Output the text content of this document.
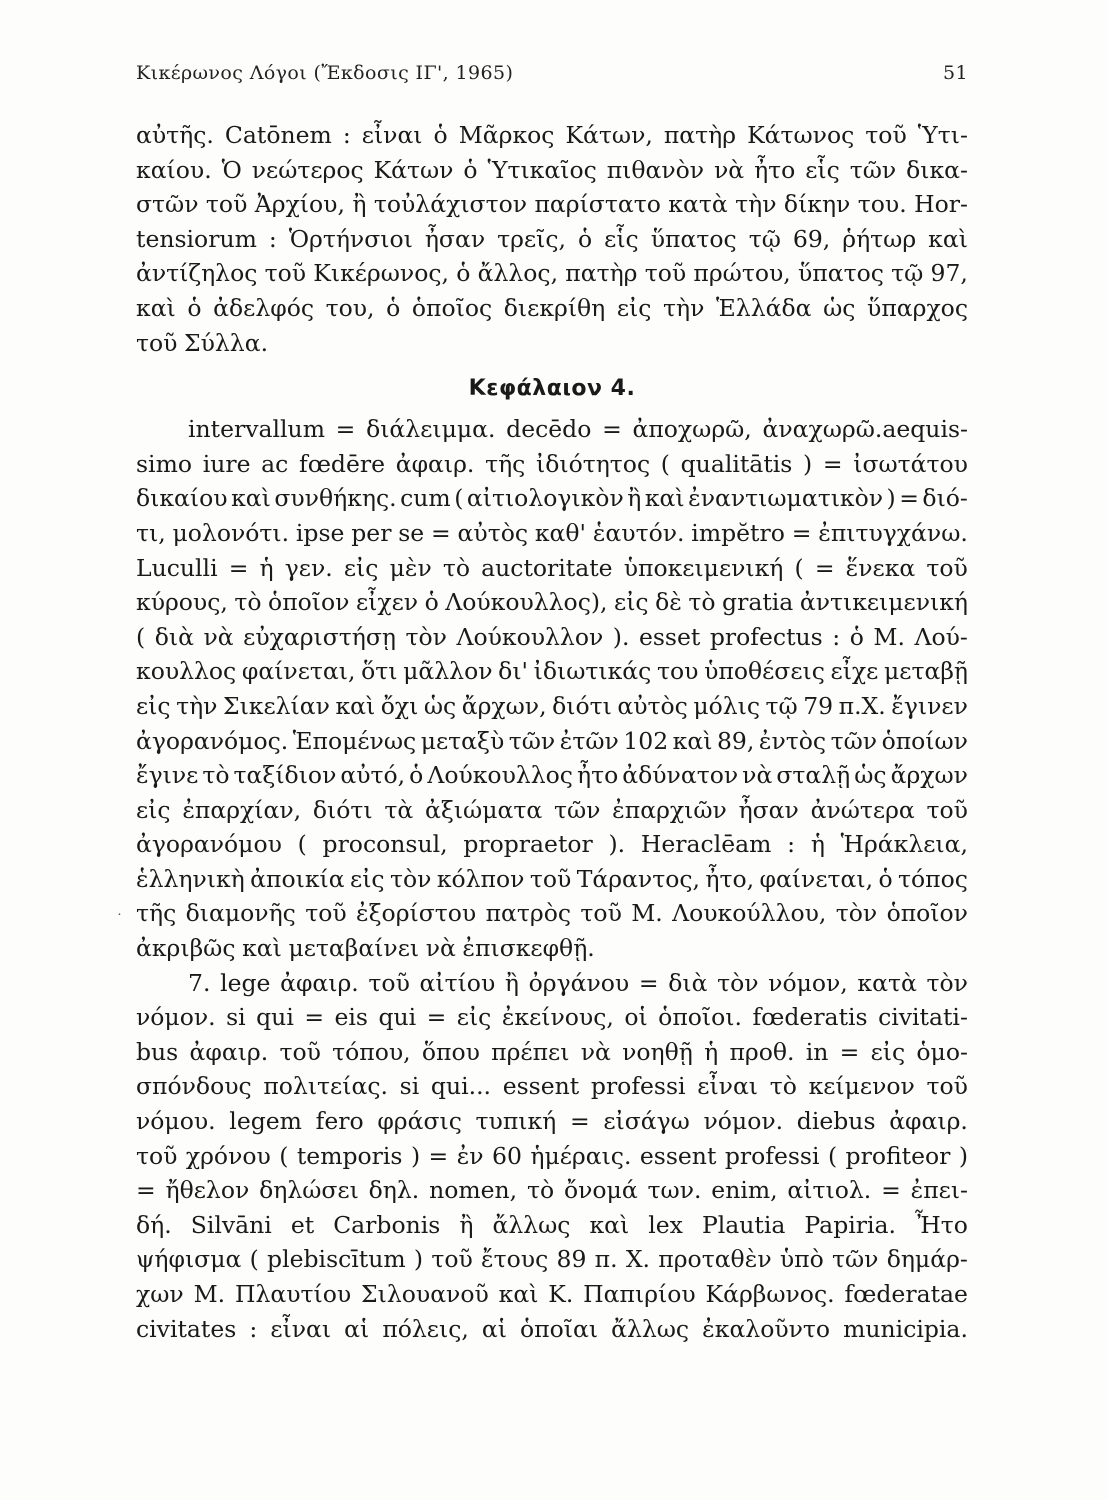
Κικέρωνος Λόγοι (Ἔκδοσις ΙΓ', 1965)	51
˙
αὐτῆς. Catōnem : εἶναι ὁ Μᾶρκος Κάτων, πατὴρ Κάτωνος τοῦ Ὑτι-
καίου. Ὁ νεώτερος Κάτων ὁ Ὑτικαῖος πιθανὸν νὰ ἦτο εἷς τῶν δικα-
στῶν τοῦ Ἀρχίου, ἢ τοὐλάχιστον παρίστατο κατὰ τὴν δίκην του. Hor-
tensiorum : Ὁρτήνσιοι ἦσαν τρεῖς, ὁ εἷς ὕπατος τῷ 69, ῥήτωρ καὶ
ἀντίζηλος τοῦ Κικέρωνος, ὁ ἄλλος, πατὴρ τοῦ πρώτου, ὕπατος τῷ 97,
καὶ ὁ ἀδελφός του, ὁ ὁποῖος διεκρίθη εἰς τὴν Ἑλλάδα ὡς ὕπαρχος
τοῦ Σύλλα.
Κεφάλαιον 4.
intervallum = διάλειμμα. decēdo = ἀποχωρῶ, ἀναχωρῶ.aequis-
simo iure ac fœdēre ἀφαιρ. τῆς ἰδιότητος ( qualitātis ) = ἰσωτάτου
δικαίου καὶ συνθήκης. cum ( αἰτιολογικὸν ἢ καὶ ἐναντιωματικὸν ) = διό-
τι, μολονότι. ipse per se = αὐτὸς καθ' ἑαυτόν. impĕtro = ἐπιτυγχάνω.
Luculli = ἡ γεν. εἰς μὲν τὸ auctoritate ὑποκειμενική ( = ἕνεκα τοῦ
κύρους, τὸ ὁποῖον εἶχεν ὁ Λούκουλλος), εἰς δὲ τὸ gratia ἀντικειμενική
( διὰ νὰ εὐχαριστήσῃ τὸν Λούκουλλον ). esset profectus : ὁ Μ. Λού-
κουλλος φαίνεται, ὅτι μᾶλλον δι' ἰδιωτικάς του ὑποθέσεις εἶχε μεταβῇ
εἰς τὴν Σικελίαν καὶ ὄχι ὡς ἄρχων, διότι αὐτὸς μόλις τῷ 79 π.Χ. ἔγινεν
ἀγορανόμος. Ἑπομένως μεταξὺ τῶν ἐτῶν 102 καὶ 89, ἐντὸς τῶν ὁποίων
ἔγινε τὸ ταξίδιον αὐτό, ὁ Λούκουλλος ἦτο ἀδύνατον νὰ σταλῇ ὡς ἄρχων
εἰς ἐπαρχίαν, διότι τὰ ἀξιώματα τῶν ἐπαρχιῶν ἦσαν ἀνώτερα τοῦ
ἀγορανόμου ( proconsul, propraetor ). Heraclēam : ἡ Ἡράκλεια,
ἑλληνικὴ ἀποικία εἰς τὸν κόλπον τοῦ Τάραντος, ἦτο, φαίνεται, ὁ τόπος
τῆς διαμονῆς τοῦ ἐξορίστου πατρὸς τοῦ Μ. Λουκούλλου, τὸν ὁποῖον
ἀκριβῶς καὶ μεταβαίνει νὰ ἐπισκεφθῇ.
7. lege ἀφαιρ. τοῦ αἰτίου ἢ ὀργάνου = διὰ τὸν νόμον, κατὰ τὸν
νόμον. si qui = eis qui = εἰς ἐκείνους, οἱ ὁποῖοι. fœderatis civitati-
bus ἀφαιρ. τοῦ τόπου, ὅπου πρέπει νὰ νοηθῇ ἡ προθ. in = εἰς ὁμο-
σπόνδους πολιτείας. si qui... essent professi εἶναι τὸ κείμενον τοῦ
νόμου. legem fero φράσις τυπική = εἰσάγω νόμον. diebus ἀφαιρ.
τοῦ χρόνου ( temporis ) = ἐν 60 ἡμέραις. essent professi ( profiteor )
= ἤθελον δηλώσει δηλ. nomen, τὸ ὄνομά των. enim, αἰτιολ. = ἐπει-
δή. Silvāni et Carbonis ἢ ἄλλως καὶ lex Plautia Papiria. Ἦτο
ψήφισμα ( plebiscītum ) τοῦ ἔτους 89 π. Χ. προταθὲν ὑπὸ τῶν δημάρ-
χων Μ. Πλαυτίου Σιλουανοῦ καὶ Κ. Παπιρίου Κάρβωνος. fœderatae
civitates : εἶναι αἱ πόλεις, αἱ ὁποῖαι ἄλλως ἐκαλοῦντο municipia.
